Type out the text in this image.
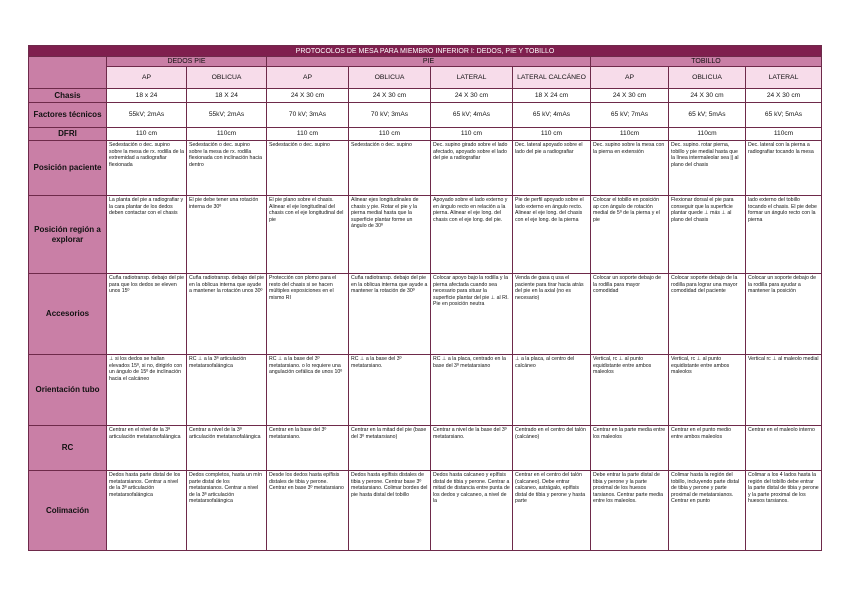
PROTOCOLOS DE MESA PARA MIEMBRO INFERIOR I: DEDOS, PIE Y TOBILLO									
	DEDOS PIE		PIE				TOBILLO		
	AP	OBLICUA	AP	OBLICUA	LATERAL	LATERAL CALCÁNEO	AP	OBLICUA	LATERAL
Chasis	18 x 24	18 X 24	24 X 30 cm	24 X 30 cm	24 X 30 cm	18 X 24 cm	24 X 30 cm	24 X 30 cm	24 X 30 cm
Factores técnicos	55kV; 2mAs	55kV; 2mAs	70 kV; 3mAs	70 kV; 3mAs	65 kV; 4mAs	65 kV; 4mAs	65 kV; 7mAs	65 kV; 5mAs	65 kV; 5mAs
DFRI	110 cm	110cm	110 cm	110 cm	110 cm	110 cm	110cm	110cm	110cm
Posición paciente	Sedestación o dec. supino sobre la mesa de rx. rodilla de la extremidad a radiografiar flexionada	Sedestación o dec. supino sobre la mesa de rx. rodilla flexionada con inclinación hacia dentro	Sedestación o dec. supino	Sedestación o dec. supino	Dec. supino girado sobre el lado afectado, apoyado sobre el lado del pie a radiografiar	Dec. lateral apoyado sobre el lado del pie a radiografiar	Dec. supino sobre la mesa con la pierna en extensión	Dec. supino. rotar pierna, tobillo y pie medial hasta que la línea intermaleolar sea || al plano del chasis	Dec. lateral con la pierna a radiografiar tocando la mesa
Posición región a explorar	La planta del pie a radiografiar y la cara plantar de los dedos deben contactar con el chasis	El pie debe tener una rotación interna de 30º	El pie plano sobre el chasis. Alinear el eje longitudinal del chasis con el eje longitudinal del pie	Alinear ejes longitudinales de chasis y pie. Rotar el pie y la pierna medial hasta que la superficie plantar forme un ángulo de 30º	Apoyado sobre el lado externo y en ángulo recto en relación a la pierna. Alinear el eje long. del chasis con el eje long. del pie.	Pie de perfil apoyado sobre el lado externo en ángulo recto. Alinear el eje long. del chasis con el eje long. de la pierna	Colocar el tobillo en posición ap con ángulo de rotación medial de 5º de la pierna y el pie	Flexionar dorsal el pie para conseguir que la superficie plantar quede ⊥ más ⊥ al plano del chasis	lado externo del tobillo tocando el chasis. El pie debe formar un ángulo recto con la pierna
Accesorios	Cuña radiotransp. debajo del pie para que los dedos se eleven unos 15º	Cuña radiotransp. debajo del pie en la oblicua interna que ayude a mantener la rotación unos 30º	Protección con plomo para el resto del chasis si se hacen múltiples exposiciones en el mismo RI	Cuña radiotransp. debajo del pie en la oblicua interna que ayude a mantener la rotación de 30º	Colocar apoyo bajo la rodilla y la pierna afectada cuando sea necesario para situar la superficie plantar del pie ⊥ al RI. Pie en posición neutra	Venda de gasa q usa el paciente para tirar hacia atrás del pie en la axial (no es necesario)	Colocar un soporte debajo de la rodilla para mayor comodidad	Colocar soporte debajo de la rodilla para lograr una mayor comodidad del paciente	Colocar un soporte debajo de la rodilla para ayudar a mantener la posición
Orientación tubo	⊥ si los dedos se hallan elevados 15º, si no, dirigirlo con un ángulo de 15º de inclinación hacia el calcáneo	RC ⊥ a la 3ª articulación metatarsofalángica	RC ⊥ a la base del 3º metatarsiano. o lo requiere una angulación cefálica de unos 10º	RC ⊥ a la base del 3º metatarsiano.	RC ⊥ a la placa, centrado en la base del 3º metatarsiano	⊥ a la placa, al centro del calcáneo	Vertical, rc ⊥ al punto equidistante entre ambos maleolos	Vertical, rc ⊥ al punto equidistante entre ambos maleolos	Vertical rc ⊥ al maleolo medial
RC	Centrar en el nivel de la 3ª articulación metatarsofalángica	Centrar a nivel de la 3ª articulación metatarsofalángica	Centrar en la base del 3º metatarsiano.	Centrar en la mitad del pie (base del 3º metatarsiano)	Centrar a nivel de la base del 3º metatarsiano.	Centrado en el centro del talón (calcáneo)	Centrar en la parte media entre los maleolos	Centrar en el punto medio entre ambos maleolos	Centrar en el maleolo interno
Colimación	Dedos hasta parte distal de los metatarsianos. Centrar a nivel de la 3ª articulación metatarsofalángica	Dedos completos, hasta un mín parte distal de los metatarsianos. Centrar a nivel de la 3ª articulación metatarsofalángica	Desde los dedos hasta epífisis distales de tibia y perone. Centrar en base 3º metatarsiano	Dedos hasta epífisis distales de tibia y perone. Centrar base 3º metatarsiano. Colimar bordes del pie hasta distal del tobillo	Dedos hasta calcaneo y epífisis distal de tibia y perone. Centrar a mitad de distancia entre punta de los dedos y calcaneo, a nivel de la	Centrar en el centro del talón (calcaneo). Debe entrar calcaneo, astrágalo, epífisis distal de tibia y perone y hasta parte	Debe entrar la parte distal de tibia y perone y la parte proximal de los huesos tarsianos. Centrar parte media entre los maleolos.	Colimar hasta la región del tobillo, incluyendo parte distal de tibia y perone y parte proximal de metatarsianos. Centrar en punto	Colimar a los 4 lados hasta la región del tobillo debe entrar la parte distal de tibia y perone y la parte proximal de los huesos tarsianos.
